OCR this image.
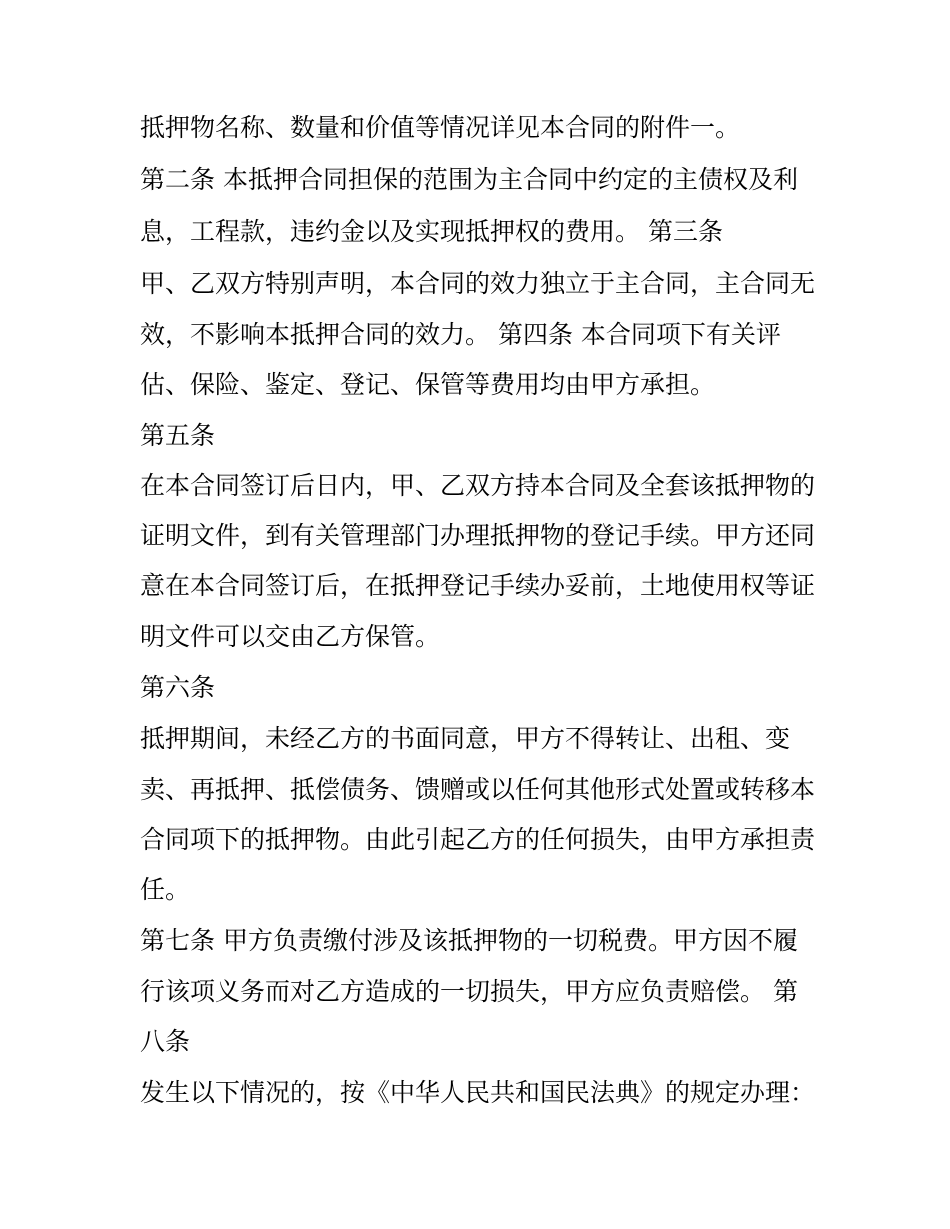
抵押物名称、数量和价值等情况详见本合同的附件一。
第二条 本抵押合同担保的范围为主合同中约定的主债权及利
息，工程款，违约金以及实现抵押权的费用。 第三条
甲、乙双方特别声明，本合同的效力独立于主合同，主合同无
效，不影响本抵押合同的效力。 第四条 本合同项下有关评
估、保险、鉴定、登记、保管等费用均由甲方承担。
第五条
在本合同签订后日内，甲、乙双方持本合同及全套该抵押物的
证明文件，到有关管理部门办理抵押物的登记手续。甲方还同
意在本合同签订后，在抵押登记手续办妥前，土地使用权等证
明文件可以交由乙方保管。
第六条
抵押期间，未经乙方的书面同意，甲方不得转让、出租、变
卖、再抵押、抵偿债务、馈赠或以任何其他形式处置或转移本
合同项下的抵押物。由此引起乙方的任何损失，由甲方承担责
任。
第七条 甲方负责缴付涉及该抵押物的一切税费。甲方因不履
行该项义务而对乙方造成的一切损失，甲方应负责赔偿。 第
八条
发生以下情况的，按《中华人民共和国民法典》的规定办理：
